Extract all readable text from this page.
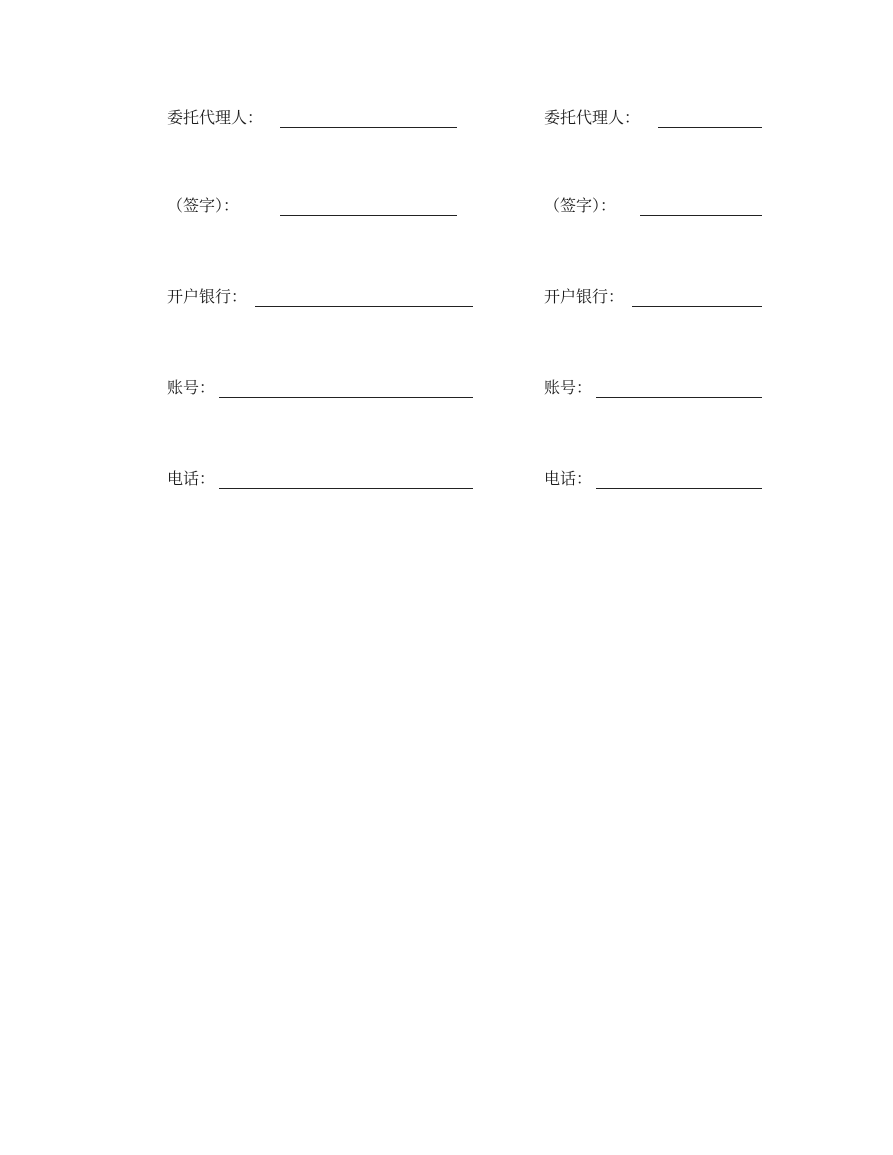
委托代理人：
（签字）：
开户银行：
账号：
电话：
委托代理人：
（签字）：
开户银行：
账号：
电话：
